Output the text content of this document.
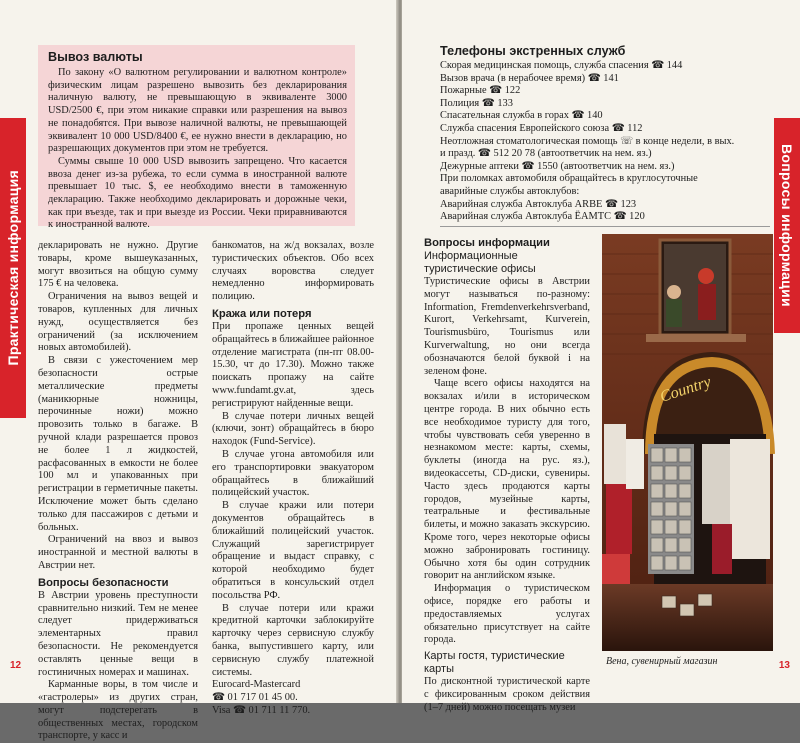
Практическая информация
Вывоз валюты

По закону «О валютном регулировании и валютном контроле» физическим лицам разрешено вывозить без декларирования наличную валюту, не превышающую в эквиваленте 3000 USD/2500 €, при этом никакие справки или разрешения на вывоз не понадобятся. При вывозе наличной валюты, не превышающей эквивалент 10 000 USD/8400 €, ее нужно внести в декларацию, но разрешающих документов при этом не требуется.

Суммы свыше 10 000 USD вывозить запрещено. Что касается ввоза денег из-за рубежа, то если сумма в иностранной валюте превышает 10 тыс. $, ее необходимо внести в таможенную декларацию. Также необходимо декларировать и дорожные чеки, как при въезде, так и при выезде из России. Чеки приравниваются к иностранной валюте.

декларировать не нужно. Другие товары, кроме вышеуказанных, могут ввозиться на общую сумму 175 € на человека.

Ограничения на вывоз вещей и товаров, купленных для личных нужд, осуществляется без ограничений (за исключением новых автомобилей).

В связи с ужесточением мер безопасности острые металлические предметы (маникюрные ножницы, перочинные ножи) можно провозить только в багаже. В ручной клади разрешается провоз не более 1 л жидкостей, расфасованных в емкости не более 100 мл и упакованных при регистрации в герметичные пакеты. Исключение может быть сделано только для пассажиров с детьми и больных.

Ограничений на ввоз и вывоз иностранной и местной валюты в Австрии нет.

Вопросы безопасности

В Австрии уровень преступности сравнительно низкий. Тем не менее следует придерживаться элементарных правил безопасности. Не рекомендуется оставлять ценные вещи в гостиничных номерах и машинах.

Карманные воры, в том числе и «гастролеры» из других стран, могут подстерегать в общественных местах, городском транспорте, у касс и

банкоматов, на ж/д вокзалах, возле туристических объектов. Обо всех случаях воровства следует немедленно информировать полицию.

Кража или потеря

При пропаже ценных вещей обращайтесь в ближайшее районное отделение магистрата (пн-пт 08.00-15.30, чт до 17.30). Можно также поискать пропажу на сайте www.fundamt.gv.at, здесь регистрируют найденные вещи.

В случае потери личных вещей (ключи, зонт) обращайтесь в бюро находок (Fund-Service).

В случае угона автомобиля или его транспортировки эвакуатором обращайтесь в ближайший полицейский участок.

В случае кражи или потери документов обращайтесь в ближайший полицейский участок. Служащий зарегистрирует обращение и выдаст справку, с которой необходимо будет обратиться в консульский отдел посольства РФ.

В случае потери или кражи кредитной карточки заблокируйте карточку через сервисную службу банка, выпустившего карту, или сервисную службу платежной системы.

Eurocard-Mastercard
☎ 01 717 01 45 00.
Visa ☎ 01 711 11 770.
12
Вопросы информации
Телефоны экстренных служб
Скорая медицинская помощь, служба спасения ☎ 144
Вызов врача (в нерабочее время) ☎ 141
Пожарные ☎ 122
Полиция ☎ 133
Спасательная служба в горах ☎ 140
Служба спасения Европейского союза ☎ 112
Неотложная стоматологическая помощь ☏ в конце недели, в вых.
и празд. ☎ 512 20 78 (автоответчик на нем. яз.)
Дежурные аптеки ☎ 1550 (автоответчик на нем. яз.)
При поломках автомобиля обращайтесь в круглосуточные
аварийные службы автоклубов:
Аварийная служба Автоклуба ARBE ☎ 123
Аварийная служба Автоклуба ЁАМТС ☎ 120
Вопросы информации
Информационные туристические офисы

Туристические офисы в Австрии могут называться по-разному: Information, Fremdenverkehrsverband, Kurort, Verkehrsamt, Kurverein, Tourismusbüro, Tourismus или Kurverwaltung, но они всегда обозначаются белой буквой i на зеленом фоне.

Чаще всего офисы находятся на вокзалах и/или в историческом центре города. В них обычно есть все необходимое туристу для того, чтобы чувствовать себя уверенно в незнакомом месте: карты, схемы, буклеты (иногда на рус. яз.), видеокассеты, CD-диски, сувениры. Часто здесь продаются карты городов, музейные карты, театральные и фестивальные билеты, и можно заказать экскурсию. Кроме того, через некоторые офисы можно забронировать гостиницу. Обычно хотя бы один сотрудник говорит на английском языке.

Информация о туристическом офисе, порядке его работы и предоставляемых услугах обязательно присутствует на сайте города.

Карты гостя, туристические карты

По дисконтной туристической карте с фиксированным сроком действия (1–7 дней) можно посещать музеи

Country
Вена, сувенирный магазин	13
